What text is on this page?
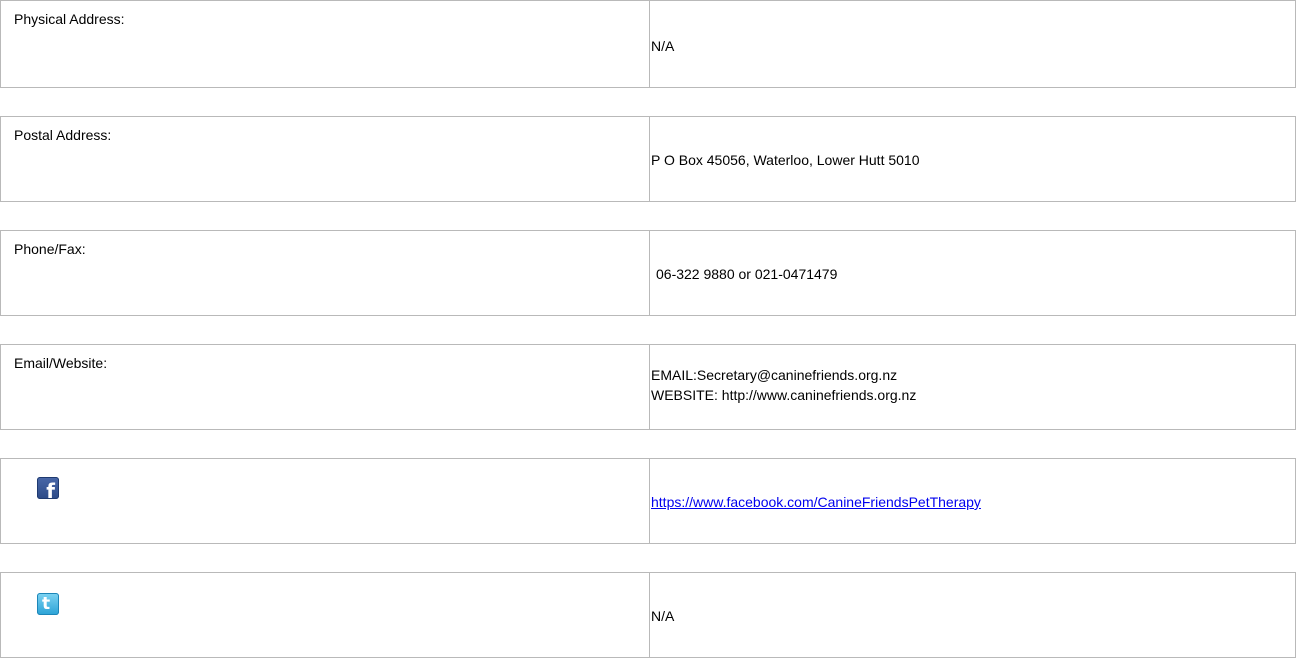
Physical Address:
N/A
Postal Address:
P O Box 45056, Waterloo, Lower Hutt 5010
Phone/Fax:
06-322 9880 or 021-0471479
Email/Website:
EMAIL:Secretary@caninefriends.org.nz
WEBSITE: http://www.caninefriends.org.nz
f	https://www.facebook.com/CanineFriendsPetTherapy
t
N/A
